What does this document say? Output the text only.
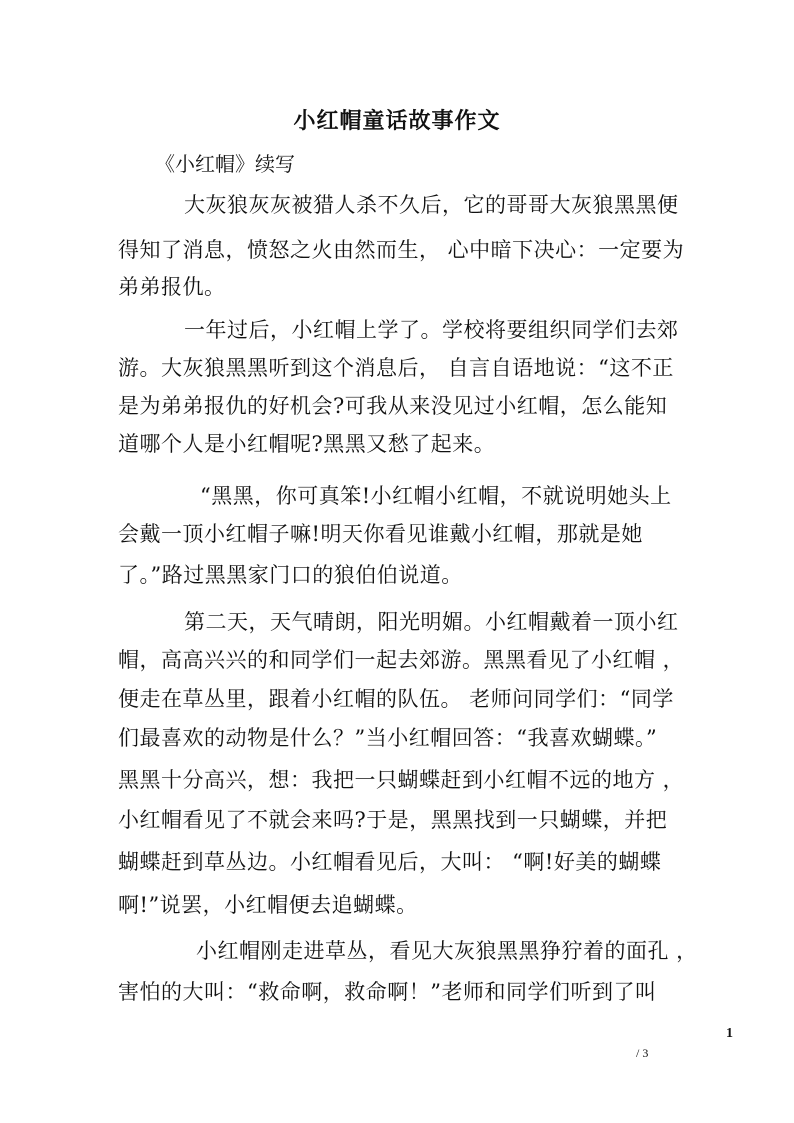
小红帽童话故事作文
《小红帽》续写
大灰狼灰灰被猎人杀不久后，它的哥哥大灰狼黑黑便
得知了消息，愤怒之火由然而生， 心中暗下决心：一定要为
弟弟报仇。
一年过后，小红帽上学了。学校将要组织同学们去郊
游。大灰狼黑黑听到这个消息后， 自言自语地说：“这不正
是为弟弟报仇的好机会?可我从来没见过小红帽，怎么能知
道哪个人是小红帽呢?黑黑又愁了起来。
“黑黑，你可真笨!小红帽小红帽，不就说明她头上
会戴一顶小红帽子嘛!明天你看见谁戴小红帽，那就是她
了。”路过黑黑家门口的狼伯伯说道。
第二天，天气晴朗，阳光明媚。小红帽戴着一顶小红
帽，高高兴兴的和同学们一起去郊游。黑黑看见了小红帽 ，
便走在草丛里，跟着小红帽的队伍。 老师问同学们：“同学
们最喜欢的动物是什么？”当小红帽回答：“我喜欢蝴蝶。”
黑黑十分高兴，想：我把一只蝴蝶赶到小红帽不远的地方 ，
小红帽看见了不就会来吗?于是，黑黑找到一只蝴蝶，并把
蝴蝶赶到草丛边。小红帽看见后，大叫： “啊!好美的蝴蝶
啊!”说罢，小红帽便去追蝴蝶。
小红帽刚走进草丛，看见大灰狼黑黑狰狞着的面孔 ，
害怕的大叫：“救命啊，救命啊！”老师和同学们听到了叫
1
/ 3
